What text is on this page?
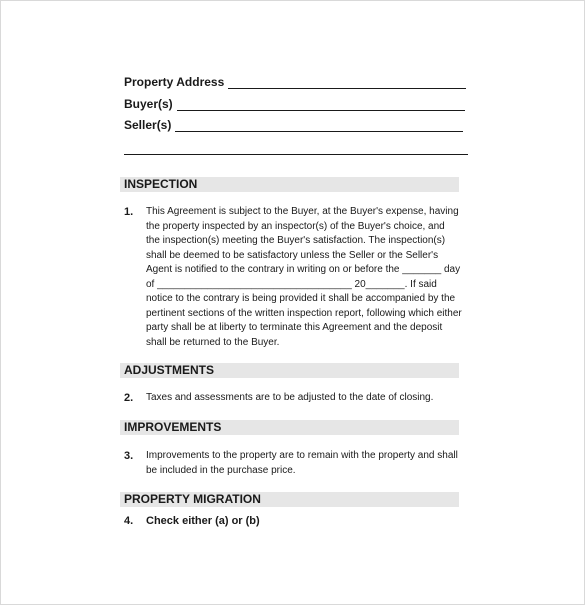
Property Address
Buyer(s)
Seller(s)
INSPECTION
1.	This Agreement is subject to the Buyer, at the Buyer's expense, having
the property inspected by an inspector(s) of the Buyer's choice, and
the inspection(s) meeting the Buyer's satisfaction. The inspection(s)
shall be deemed to be satisfactory unless the Seller or the Seller's
Agent is notified to the contrary in writing on or before the _______ day
of ___________________________________ 20_______. If said
notice to the contrary is being provided it shall be accompanied by the
pertinent sections of the written inspection report, following which either
party shall be at liberty to terminate this Agreement and the deposit
shall be returned to the Buyer.
ADJUSTMENTS
2.	Taxes and assessments are to be adjusted to the date of closing.
IMPROVEMENTS
3.	Improvements to the property are to remain with the property and shall
be included in the purchase price.
PROPERTY MIGRATION
4.	Check either (a) or (b)
